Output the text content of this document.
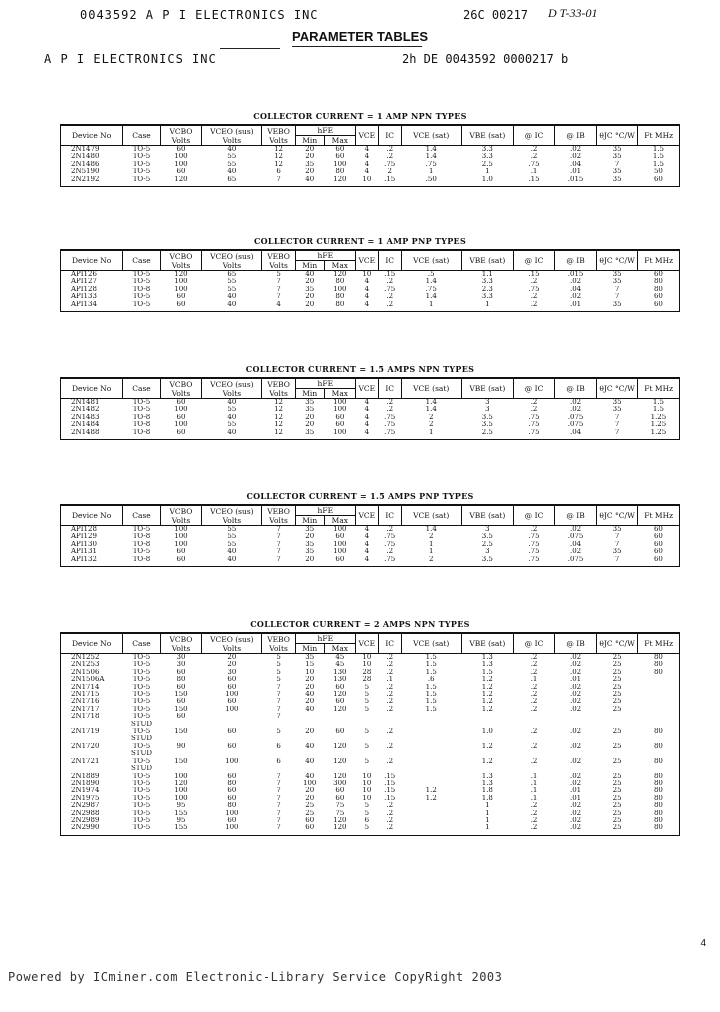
0043592 A P I ELECTRONICS INC	26C 00217 D T-33-01
PARAMETER TABLES
A P I ELECTRONICS INC	2h DE 0043592 0000217 b
COLLECTOR CURRENT = 1 AMP NPN TYPES
Device No	Case	VCBO Volts	VCEO (sus) Volts	VEBO Volts	hFE		VCE	IC	VCE (sat)	VBE (sat)	@ IC	@ IB	θJC °C/W	Ft MHz
					Min	Max								
2N1479	TO-5	60	40	12	20	60	4	.2	1.4	3.3	.2	.02	35	1.5
2N1480	TO-5	100	55	12	20	60	4	.2	1.4	3.3	.2	.02	35	1.5
2N1486	TO-5	100	55	12	35	100	4	.75	.75	2.5	.75	.04	7	1.5
2N5190	TO-5	60	40	6	20	80	4	2	1	1	.1	.01	35	50
2N2192	TO-5	120	65	7	40	120	10	.15	.50	1.0	.15	.015	35	60

COLLECTOR CURRENT = 1 AMP PNP TYPES
Device No	Case	VCBO Volts	VCEO (sus) Volts	VEBO Volts	hFE		VCE	IC	VCE (sat)	VBE (sat)	@ IC	@ IB	θJC °C/W	Ft MHz
					Min	Max								
API126	TO-5	120	65	5	40	120	10	.15	.5	1.1	.15	.015	35	60
API127	TO-5	100	55	7	20	80	4	.2	1.4	3.3	.2	.02	35	80
API128	TO-8	100	55	7	35	100	4	.75	.75	2.3	.75	.04	7	80
API133	TO-5	60	40	7	20	80	4	.2	1.4	3.3	.2	.02	7	60
API134	TO-5	60	40	4	20	80	4	.2	1	1	.2	.01	35	60

COLLECTOR CURRENT = 1.5 AMPS NPN TYPES
Device No	Case	VCBO Volts	VCEO (sus) Volts	VEBO Volts	hFE		VCE	IC	VCE (sat)	VBE (sat)	@ IC	@ IB	θJC °C/W	Ft MHz
					Min	Max								
2N1481	TO-5	60	40	12	35	100	4	.2	1.4	3	.2	.02	35	1.5
2N1482	TO-5	100	55	12	35	100	4	.2	1.4	3	.2	.02	35	1.5
2N1483	TO-8	60	40	12	20	60	4	.75	2	3.5	.75	.075	7	1.25
2N1484	TO-8	100	55	12	20	60	4	.75	2	3.5	.75	.075	7	1.25
2N1488	TO-8	60	40	12	35	100	4	.75	1	2.5	.75	.04	7	1.25

COLLECTOR CURRENT = 1.5 AMPS PNP TYPES
Device No	Case	VCBO Volts	VCEO (sus) Volts	VEBO Volts	hFE		VCE	IC	VCE (sat)	VBE (sat)	@ IC	@ IB	θJC °C/W	Ft MHz
					Min	Max								
API128	TO-5	100	55	7	35	100	4	.2	1.4	3	.2	.02	35	60
API129	TO-8	100	55	7	20	60	4	.75	2	3.5	.75	.075	7	60
API130	TO-8	100	55	7	35	100	4	.75	1	2.5	.75	.04	7	60
API131	TO-5	60	40	7	35	100	4	.2	1	3	.75	.02	35	60
API132	TO-8	60	40	7	20	60	4	.75	2	3.5	.75	.075	7	60

COLLECTOR CURRENT = 2 AMPS NPN TYPES
Device No	Case	VCBO Volts	VCEO (sus) Volts	VEBO Volts	hFE		VCE	IC	VCE (sat)	VBE (sat)	@ IC	@ IB	θJC °C/W	Ft MHz
					Min	Max								
2N1252	TO-5	30	20	5	35	45	10	.2	1.5	1.3	.2	.02	25	80
2N1253	TO-5	30	20	5	15	45	10	.2	1.5	1.3	.2	.02	25	80
2N1506	TO-5	60	30	5	10	130	28	.2	1.5	1.5	.2	.02	25	80
2N1506A	TO-5	80	60	5	20	130	28	.1	.6	1.2	.1	.01	25	
2N1714	TO-5	60	60	7	20	60	5	.2	1.5	1.2	.2	.02	25	
2N1715	TO-5	150	100	7	40	120	5	.2	1.5	1.2	.2	.02	25	
2N1716	TO-5	60	60	7	20	60	5	.2	1.5	1.2	.2	.02	25	
2N1717	TO-5	150	100	7	40	120	5	.2	1.5	1.2	.2	.02	25	
2N1718	TO-5	60		7										
	STUD													
2N1719	TO-5	150	60	5	20	60	5	.2		1.0	.2	.02	25	80
	STUD													
2N1720	TO-5	90	60	6	40	120	5	.2		1.2	.2	.02	25	80
	STUD													
2N1721	TO-5	150	100	6	40	120	5	.2		1.2	.2	.02	25	80
	STUD													
2N1889	TO-5	100	60	7	40	120	10	.15		1.3	.1	.02	25	80
2N1890	TO-5	120	80	7	100	300	10	.15		1.3	.1	.02	25	80
2N1974	TO-5	100	60	7	20	60	10	.15	1.2	1.8	.1	.01	25	80
2N1975	TO-5	100	60	7	20	60	10	.15	1.2	1.8	.1	.01	25	80
2N2987	TO-5	95	80	7	25	75	5	.2		1	.2	.02	25	80
2N2988	TO-5	155	100	7	25	75	5	.2		1	.2	.02	25	80
2N2989	TO-5	95	60	7	60	120	6	.2		1	.2	.02	25	80
2N2990	TO-5	155	100	7	60	120	5	.2		1	.2	.02	25	80

4
Powered by ICminer.com Electronic-Library Service CopyRight 2003
